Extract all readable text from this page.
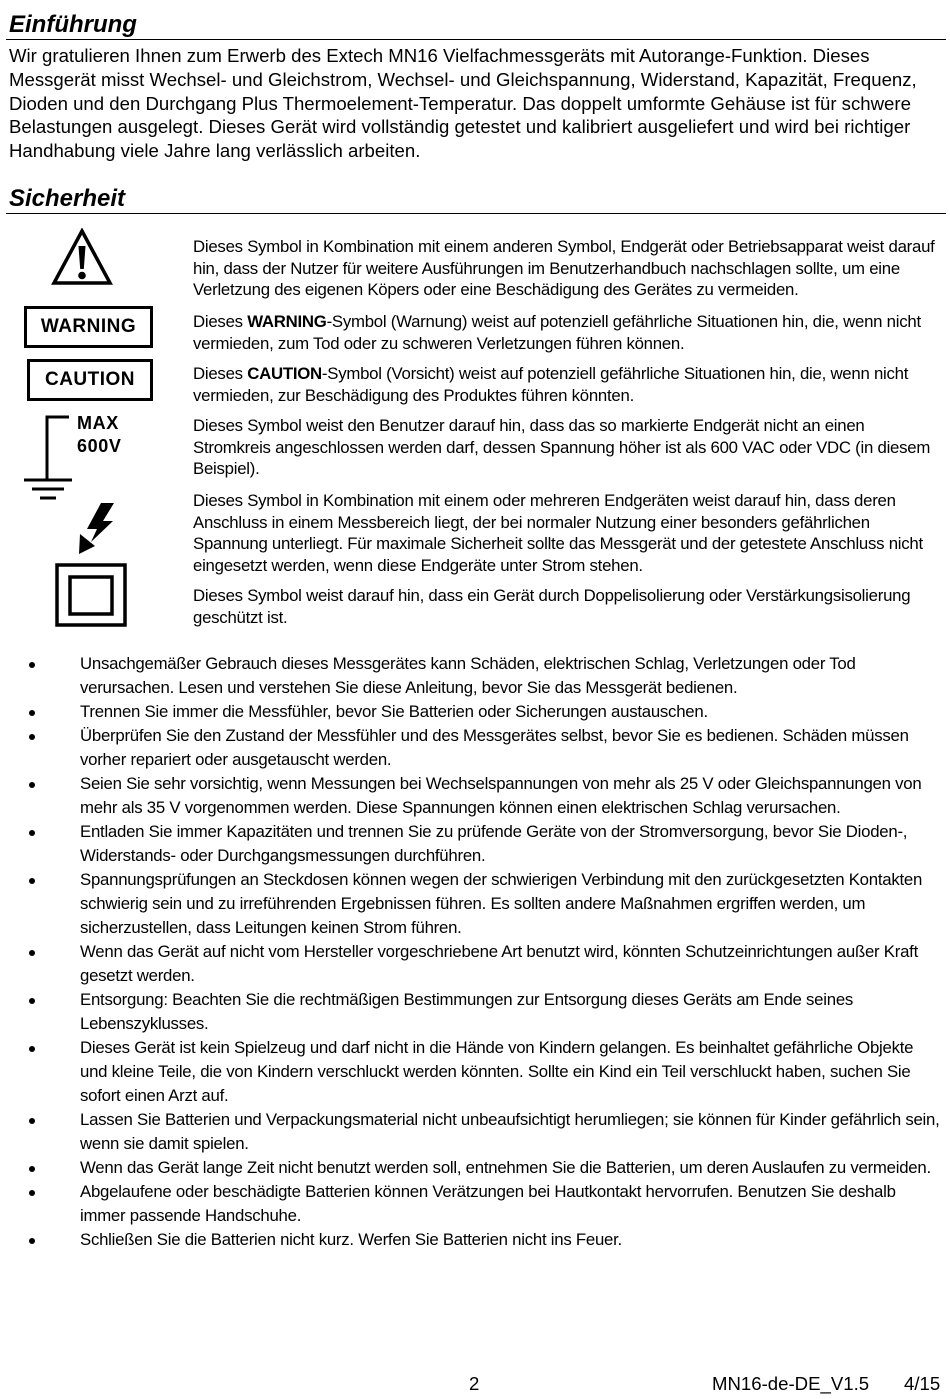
Einführung

Wir gratulieren Ihnen zum Erwerb des Extech MN16 Vielfachmessgeräts mit Autorange-Funktion. Dieses Messgerät misst Wechsel- und Gleichstrom, Wechsel- und Gleichspannung, Widerstand, Kapazität, Frequenz, Dioden und den Durchgang Plus Thermoelement-Temperatur. Das doppelt umformte Gehäuse ist für schwere Belastungen ausgelegt. Dieses Gerät wird vollständig getestet und kalibriert ausgeliefert und wird bei richtiger Handhabung viele Jahre lang verlässlich arbeiten.

Sicherheit
WARNING
CAUTION
MAX
600V

Dieses Symbol in Kombination mit einem anderen Symbol, Endgerät oder Betriebsapparat weist darauf hin, dass der Nutzer für weitere Ausführungen im Benutzerhandbuch nachschlagen sollte, um eine Verletzung des eigenen Köpers oder eine Beschädigung des Gerätes zu vermeiden.

Dieses WARNING-Symbol (Warnung) weist auf potenziell gefährliche Situationen hin, die, wenn nicht vermieden, zum Tod oder zu schweren Verletzungen führen können.

Dieses CAUTION-Symbol (Vorsicht) weist auf potenziell gefährliche Situationen hin, die, wenn nicht vermieden, zur Beschädigung des Produktes führen könnten.

Dieses Symbol weist den Benutzer darauf hin, dass das so markierte Endgerät nicht an einen Stromkreis angeschlossen werden darf, dessen Spannung höher ist als 600 VAC oder VDC (in diesem Beispiel).

Dieses Symbol in Kombination mit einem oder mehreren Endgeräten weist darauf hin, dass deren Anschluss in einem Messbereich liegt, der bei normaler Nutzung einer besonders gefährlichen Spannung unterliegt. Für maximale Sicherheit sollte das Messgerät und der getestete Anschluss nicht eingesetzt werden, wenn diese Endgeräte unter Strom stehen.

Dieses Symbol weist darauf hin, dass ein Gerät durch Doppelisolierung oder Verstärkungsisolierung geschützt ist.

Unsachgemäßer Gebrauch dieses Messgerätes kann Schäden, elektrischen Schlag, Verletzungen oder Tod verursachen. Lesen und verstehen Sie diese Anleitung, bevor Sie das Messgerät bedienen.
Trennen Sie immer die Messfühler, bevor Sie Batterien oder Sicherungen austauschen.
Überprüfen Sie den Zustand der Messfühler und des Messgerätes selbst, bevor Sie es bedienen. Schäden müssen vorher repariert oder ausgetauscht werden.
Seien Sie sehr vorsichtig, wenn Messungen bei Wechselspannungen von mehr als 25 V oder Gleichspannungen von mehr als 35 V vorgenommen werden. Diese Spannungen können einen elektrischen Schlag verursachen.
Entladen Sie immer Kapazitäten und trennen Sie zu prüfende Geräte von der Stromversorgung, bevor Sie Dioden-, Widerstands- oder Durchgangsmessungen durchführen.
Spannungsprüfungen an Steckdosen können wegen der schwierigen Verbindung mit den zurückgesetzten Kontakten schwierig sein und zu irreführenden Ergebnissen führen. Es sollten andere Maßnahmen ergriffen werden, um sicherzustellen, dass Leitungen keinen Strom führen.
Wenn das Gerät auf nicht vom Hersteller vorgeschriebene Art benutzt wird, könnten Schutzeinrichtungen außer Kraft gesetzt werden.
Entsorgung: Beachten Sie die rechtmäßigen Bestimmungen zur Entsorgung dieses Geräts am Ende seines Lebenszyklusses.
Dieses Gerät ist kein Spielzeug und darf nicht in die Hände von Kindern gelangen. Es beinhaltet gefährliche Objekte und kleine Teile, die von Kindern verschluckt werden könnten. Sollte ein Kind ein Teil verschluckt haben, suchen Sie sofort einen Arzt auf.
Lassen Sie Batterien und Verpackungsmaterial nicht unbeaufsichtigt herumliegen; sie können für Kinder gefährlich sein, wenn sie damit spielen.
Wenn das Gerät lange Zeit nicht benutzt werden soll, entnehmen Sie die Batterien, um deren Auslaufen zu vermeiden.
Abgelaufene oder beschädigte Batterien können Verätzungen bei Hautkontakt hervorrufen. Benutzen Sie deshalb immer passende Handschuhe.
Schließen Sie die Batterien nicht kurz. Werfen Sie Batterien nicht ins Feuer.
2	MN16-de-DE_V1.5 4/15
